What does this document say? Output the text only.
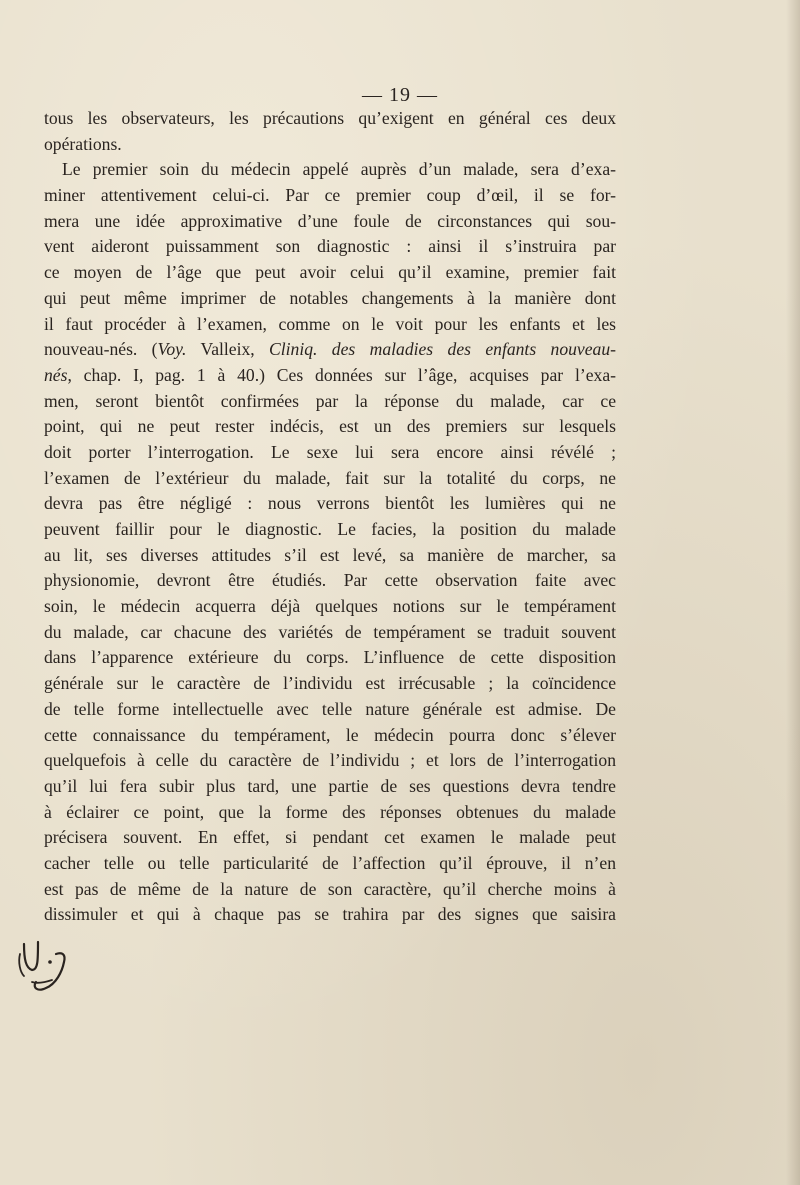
— 19 —
tous les observateurs, les précautions qu’exigent en général ces deux
opérations.
Le premier soin du médecin appelé auprès d’un malade, sera d’exa-
miner attentivement celui-ci. Par ce premier coup d’œil, il se for-
mera une idée approximative d’une foule de circonstances qui sou-
vent aideront puissamment son diagnostic : ainsi il s’instruira par
ce moyen de l’âge que peut avoir celui qu’il examine, premier fait
qui peut même imprimer de notables changements à la manière dont
il faut procéder à l’examen, comme on le voit pour les enfants et les
nouveau-nés. (Voy. Valleix, Cliniq. des maladies des enfants nouveau-
nés, chap. I, pag. 1 à 40.) Ces données sur l’âge, acquises par l’exa-
men, seront bientôt confirmées par la réponse du malade, car ce
point, qui ne peut rester indécis, est un des premiers sur lesquels
doit porter l’interrogation. Le sexe lui sera encore ainsi révélé ;
l’examen de l’extérieur du malade, fait sur la totalité du corps, ne
devra pas être négligé : nous verrons bientôt les lumières qui ne
peuvent faillir pour le diagnostic. Le facies, la position du malade
au lit, ses diverses attitudes s’il est levé, sa manière de marcher, sa
physionomie, devront être étudiés. Par cette observation faite avec
soin, le médecin acquerra déjà quelques notions sur le tempérament
du malade, car chacune des variétés de tempérament se traduit souvent
dans l’apparence extérieure du corps. L’influence de cette disposition
générale sur le caractère de l’individu est irrécusable ; la coïncidence
de telle forme intellectuelle avec telle nature générale est admise. De
cette connaissance du tempérament, le médecin pourra donc s’élever
quelquefois à celle du caractère de l’individu ; et lors de l’interrogation
qu’il lui fera subir plus tard, une partie de ses questions devra tendre
à éclairer ce point, que la forme des réponses obtenues du malade
précisera souvent. En effet, si pendant cet examen le malade peut
cacher telle ou telle particularité de l’affection qu’il éprouve, il n’en
est pas de même de la nature de son caractère, qu’il cherche moins à
dissimuler et qui à chaque pas se trahira par des signes que saisira
